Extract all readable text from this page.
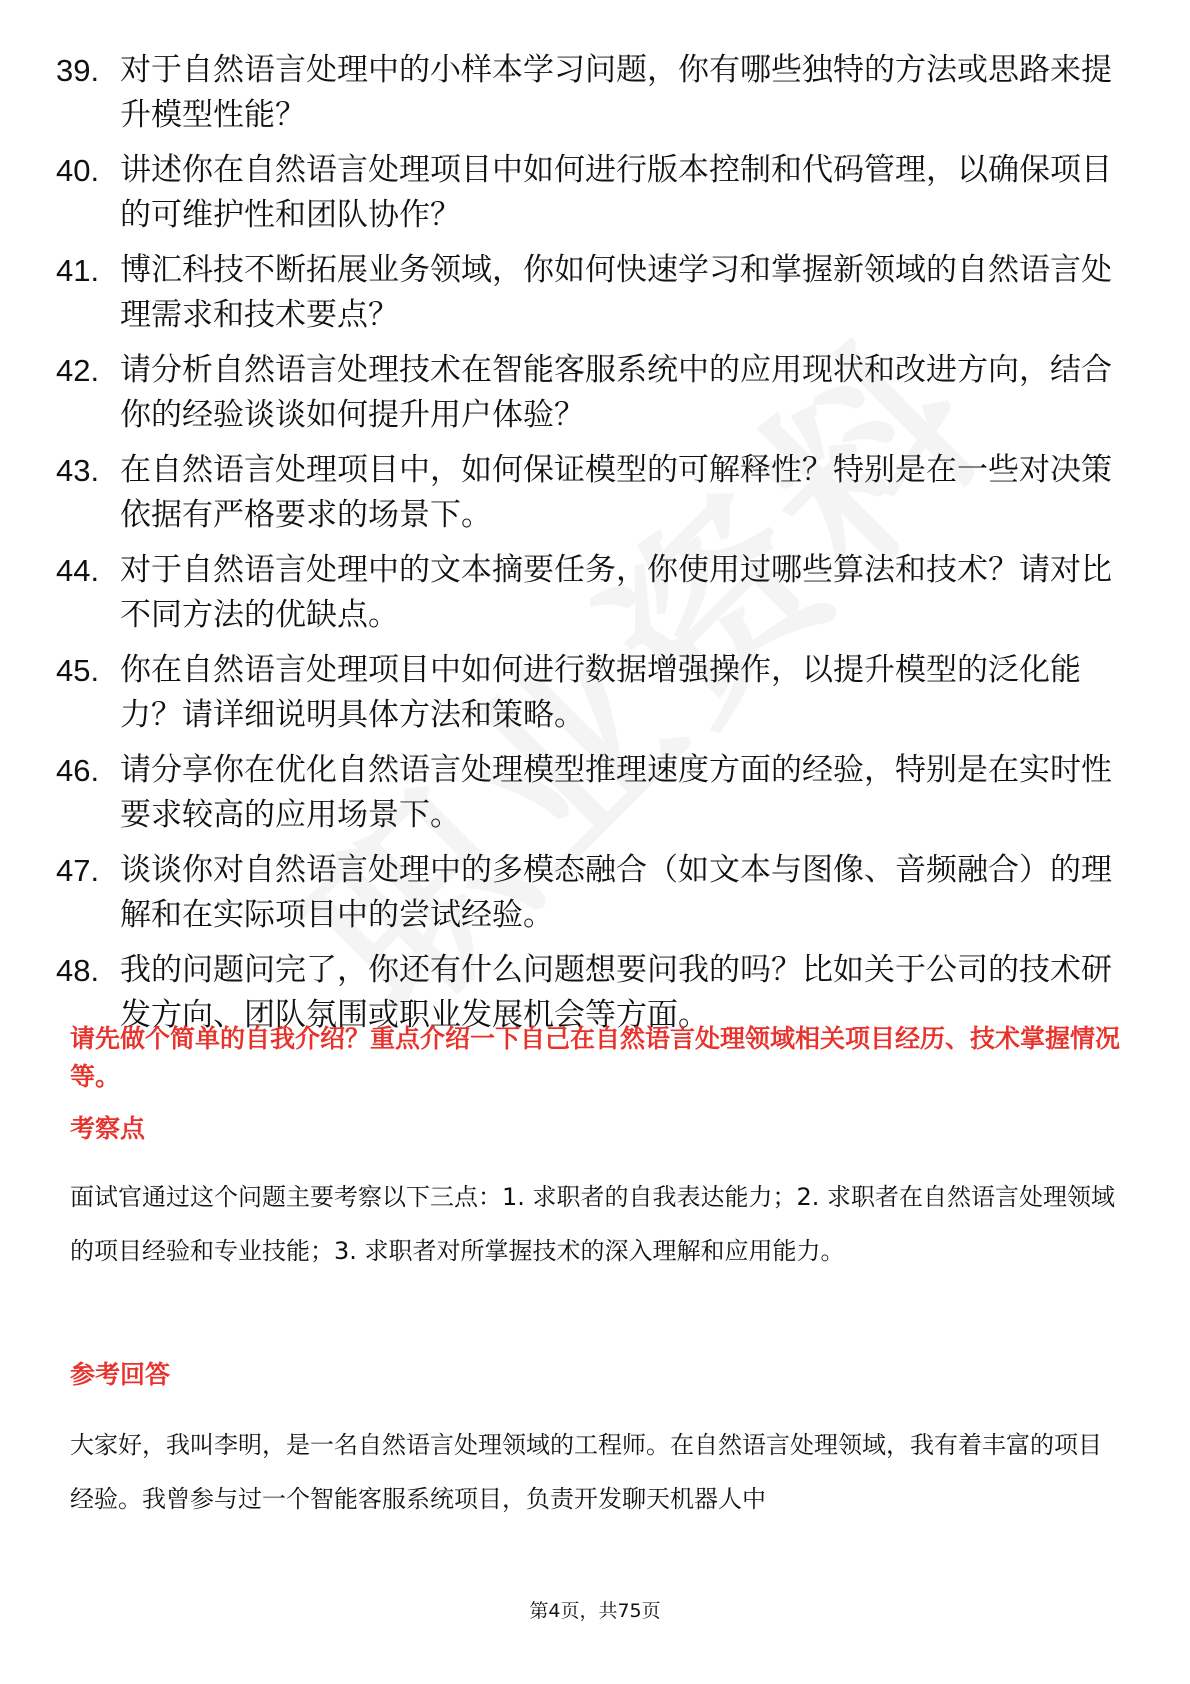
39. 对于自然语言处理中的小样本学习问题，你有哪些独特的方法或思路来提升模型性能？
40. 讲述你在自然语言处理项目中如何进行版本控制和代码管理，以确保项目的可维护性和团队协作？
41. 博汇科技不断拓展业务领域，你如何快速学习和掌握新领域的自然语言处理需求和技术要点？
42. 请分析自然语言处理技术在智能客服系统中的应用现状和改进方向，结合你的经验谈谈如何提升用户体验？
43. 在自然语言处理项目中，如何保证模型的可解释性？特别是在一些对决策依据有严格要求的场景下。
44. 对于自然语言处理中的文本摘要任务，你使用过哪些算法和技术？请对比不同方法的优缺点。
45. 你在自然语言处理项目中如何进行数据增强操作，以提升模型的泛化能力？请详细说明具体方法和策略。
46. 请分享你在优化自然语言处理模型推理速度方面的经验，特别是在实时性要求较高的应用场景下。
47. 谈谈你对自然语言处理中的多模态融合（如文本与图像、音频融合）的理解和在实际项目中的尝试经验。
48. 我的问题问完了，你还有什么问题想要问我的吗？比如关于公司的技术研发方向、团队氛围或职业发展机会等方面。

请先做个简单的自我介绍？重点介绍一下自己在自然语言处理领域相关项目经历、技术掌握情况等。

考察点

面试官通过这个问题主要考察以下三点：1. 求职者的自我表达能力；2. 求职者在自然语言处理领域的项目经验和专业技能；3. 求职者对所掌握技术的深入理解和应用能力。

参考回答

大家好，我叫李明，是一名自然语言处理领域的工程师。在自然语言处理领域，我有着丰富的项目经验。我曾参与过一个智能客服系统项目，负责开发聊天机器人中

第4页，共75页
